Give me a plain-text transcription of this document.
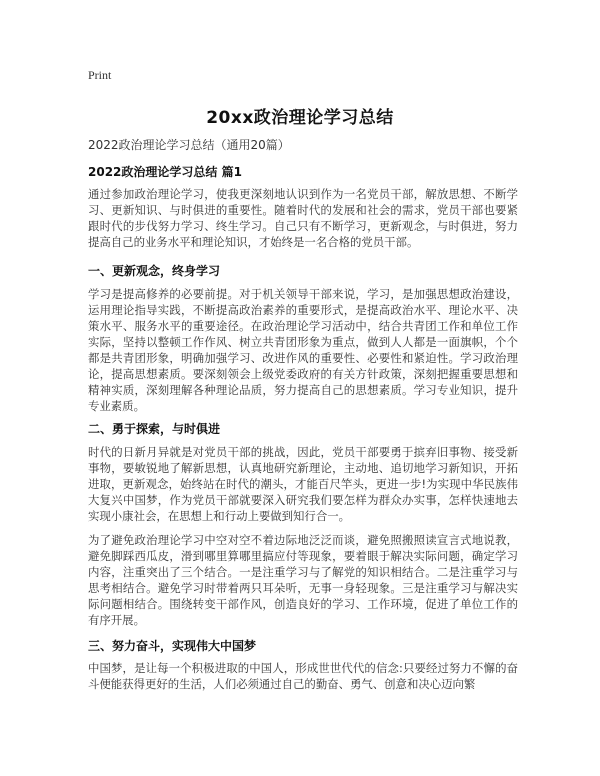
Print
20xx政治理论学习总结
2022政治理论学习总结（通用20篇）
2022政治理论学习总结 篇1
通过参加政治理论学习，使我更深刻地认识到作为一名党员干部，解放思想、不断学习、更新知识、与时俱进的重要性。随着时代的发展和社会的需求，党员干部也要紧跟时代的步伐努力学习、终生学习。自己只有不断学习，更新观念，与时俱进，努力提高自己的业务水平和理论知识，才始终是一名合格的党员干部。
一、更新观念，终身学习
学习是提高修养的必要前提。对于机关领导干部来说，学习，是加强思想政治建设，运用理论指导实践，不断提高政治素养的重要形式，是提高政治水平、理论水平、决策水平、服务水平的重要途径。在政治理论学习活动中，结合共青团工作和单位工作实际，坚持以整顿工作作风、树立共青团形象为重点，做到人人都是一面旗帜，个个都是共青团形象，明确加强学习、改进作风的重要性、必要性和紧迫性。学习政治理论，提高思想素质。要深刻领会上级党委政府的有关方针政策，深刻把握重要思想和精神实质，深刻理解各种理论品质，努力提高自己的思想素质。学习专业知识，提升专业素质。
二、勇于探索，与时俱进
时代的日新月异就是对党员干部的挑战，因此，党员干部要勇于摈弃旧事物、接受新事物，要敏锐地了解新思想，认真地研究新理论，主动地、追切地学习新知识，开拓进取，更新观念，始终站在时代的潮头，才能百尺竿头，更进一步!为实现中华民族伟大复兴中国梦，作为党员干部就要深入研究我们要怎样为群众办实事，怎样快速地去实现小康社会，在思想上和行动上要做到知行合一。
为了避免政治理论学习中空对空不着边际地泛泛而谈，避免照搬照读宣言式地说教，避免脚踩西瓜皮，滑到哪里算哪里搞应付等现象，要着眼于解决实际问题，确定学习内容，注重突出了三个结合。一是注重学习与了解党的知识相结合。二是注重学习与思考相结合。避免学习时带着两只耳朵听，无事一身轻现象。三是注重学习与解决实际问题相结合。围绕转变干部作风，创造良好的学习、工作环境，促进了单位工作的有序开展。
三、努力奋斗，实现伟大中国梦
中国梦，是让每一个积极进取的中国人，形成世世代代的信念:只要经过努力不懈的奋斗便能获得更好的生活，人们必须通过自己的勤奋、勇气、创意和决心迈向繁
